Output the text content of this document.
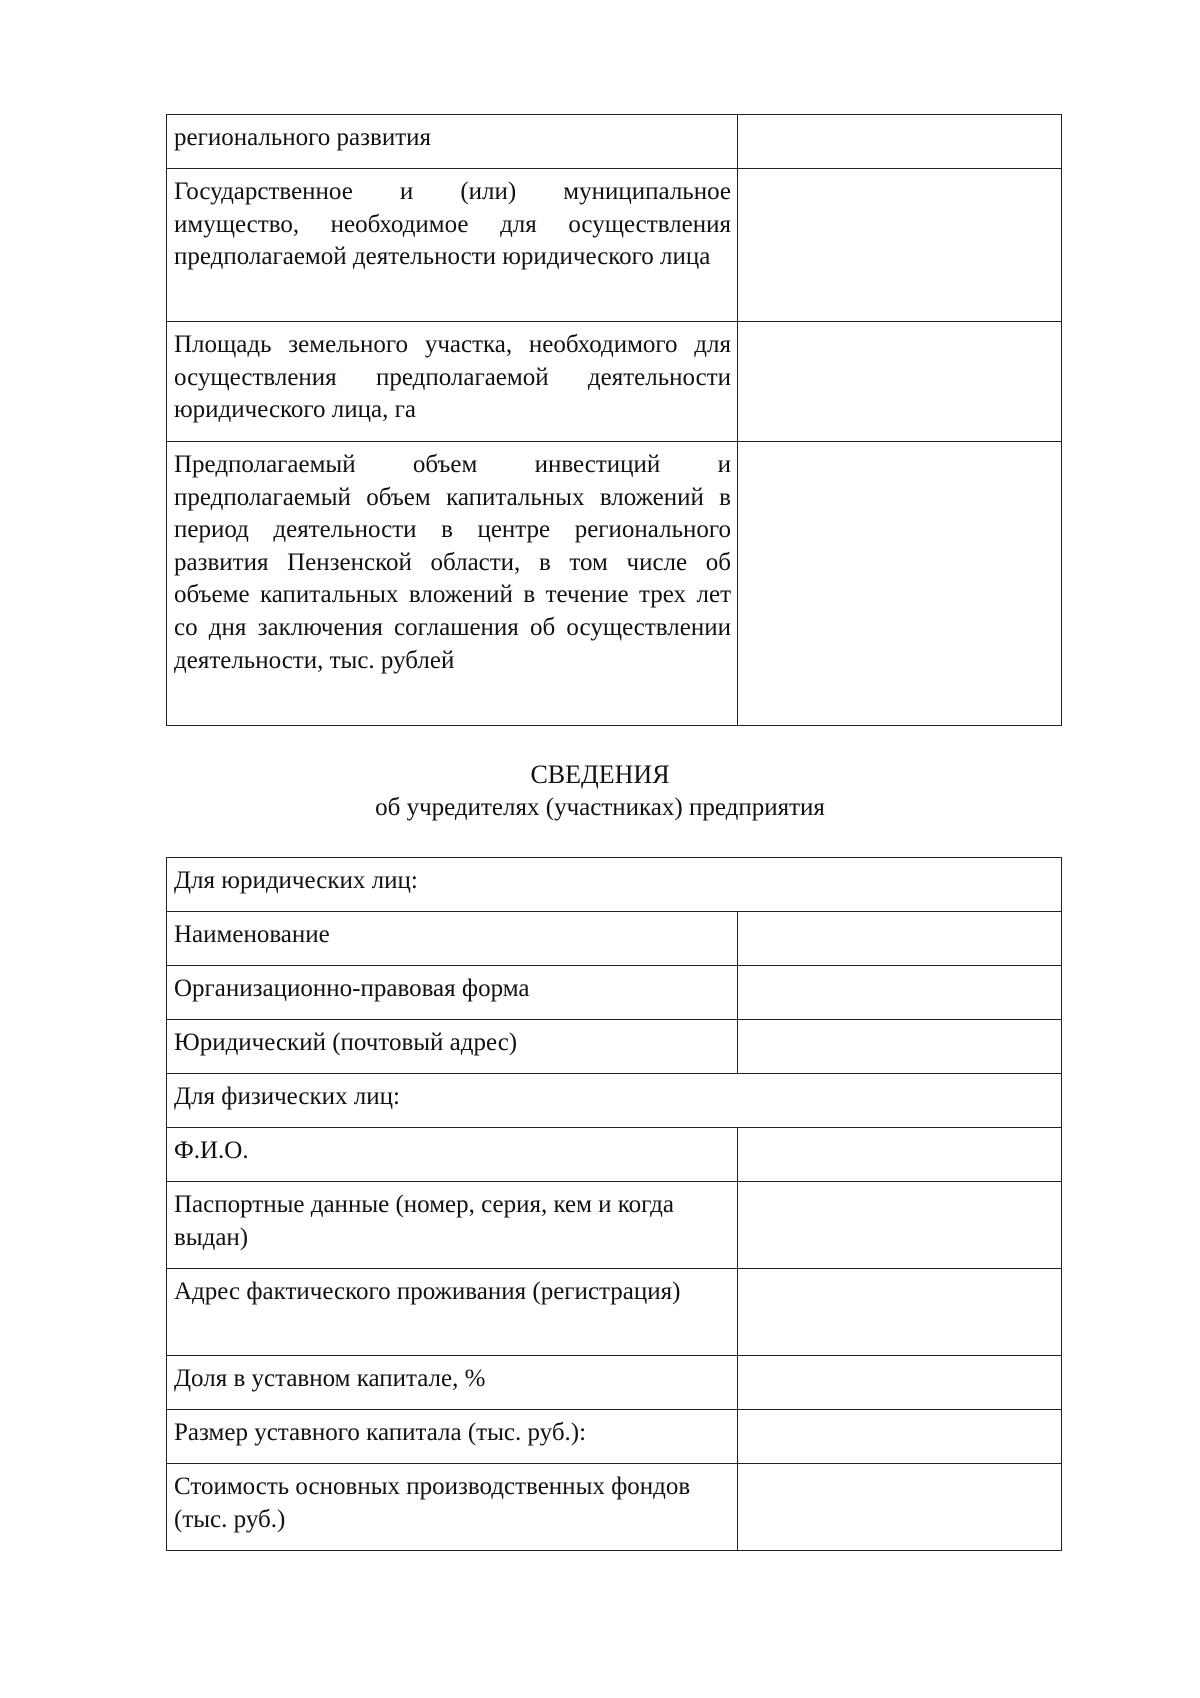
регионального развития	
Государственное и (или) муниципальное имущество, необходимое для осуществления предполагаемой деятельности юридического лица	
Площадь земельного участка, необходимого для осуществления предполагаемой деятельности юридического лица, га	
Предполагаемый объем инвестиций и предполагаемый объем капитальных вложений в период деятельности в центре регионального развития Пензенской области, в том числе об объеме капитальных вложений в течение трех лет со дня заключения соглашения об осуществлении деятельности, тыс. рублей	
СВЕДЕНИЯ
об учредителях (участниках) предприятия
Для юридических лиц:	
Наименование	
Организационно-правовая форма	
Юридический (почтовый адрес)	
Для физических лиц:	
Ф.И.О.	
Паспортные данные (номер, серия, кем и когда выдан)	
Адрес фактического проживания (регистрация)	
Доля в уставном капитале, %	
Размер уставного капитала (тыс. руб.):	
Стоимость основных производственных фондов (тыс. руб.)	
